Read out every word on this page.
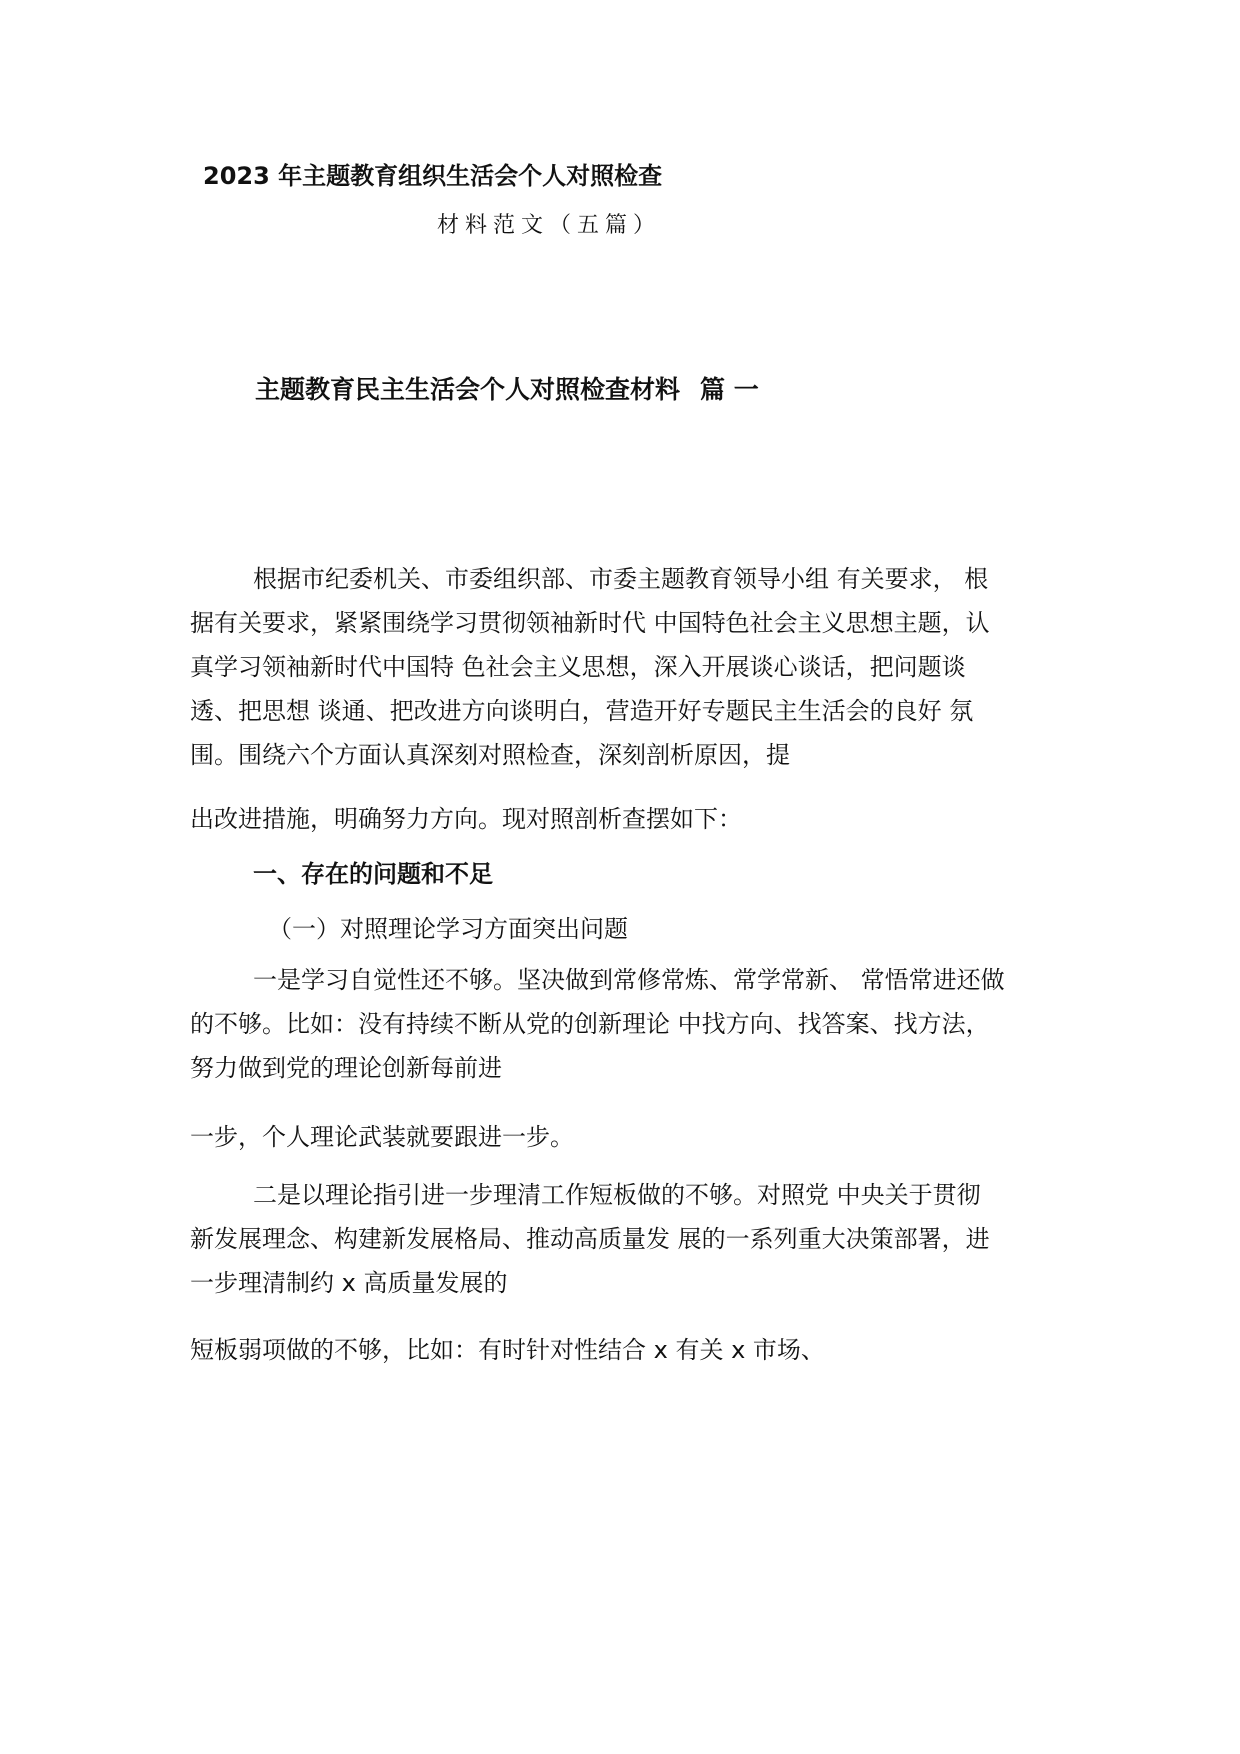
2023 年主题教育组织生活会个人对照检查
材料范文（五篇）
主题教育民主生活会个人对照检查材料 篇 一

根据市纪委机关、市委组织部、市委主题教育领导小组 有关要求， 根
据有关要求，紧紧围绕学习贯彻领袖新时代 中国特色社会主义思想主题，认
真学习领袖新时代中国特 色社会主义思想，深入开展谈心谈话，把问题谈
透、把思想 谈通、把改进方向谈明白，营造开好专题民主生活会的良好 氛
围。围绕六个方面认真深刻对照检查，深刻剖析原因，提

出改进措施，明确努力方向。现对照剖析查摆如下：

一、存在的问题和不足
（一）对照理论学习方面突出问题

一是学习自觉性还不够。坚决做到常修常炼、常学常新、 常悟常进还做
的不够。比如：没有持续不断从党的创新理论 中找方向、找答案、找方法，
努力做到党的理论创新每前进

一步，个人理论武装就要跟进一步。

二是以理论指引进一步理清工作短板做的不够。对照党 中央关于贯彻
新发展理念、构建新发展格局、推动高质量发 展的一系列重大决策部署，进
一步理清制约 x 高质量发展的

短板弱项做的不够，比如：有时针对性结合 x 有关 x 市场、
